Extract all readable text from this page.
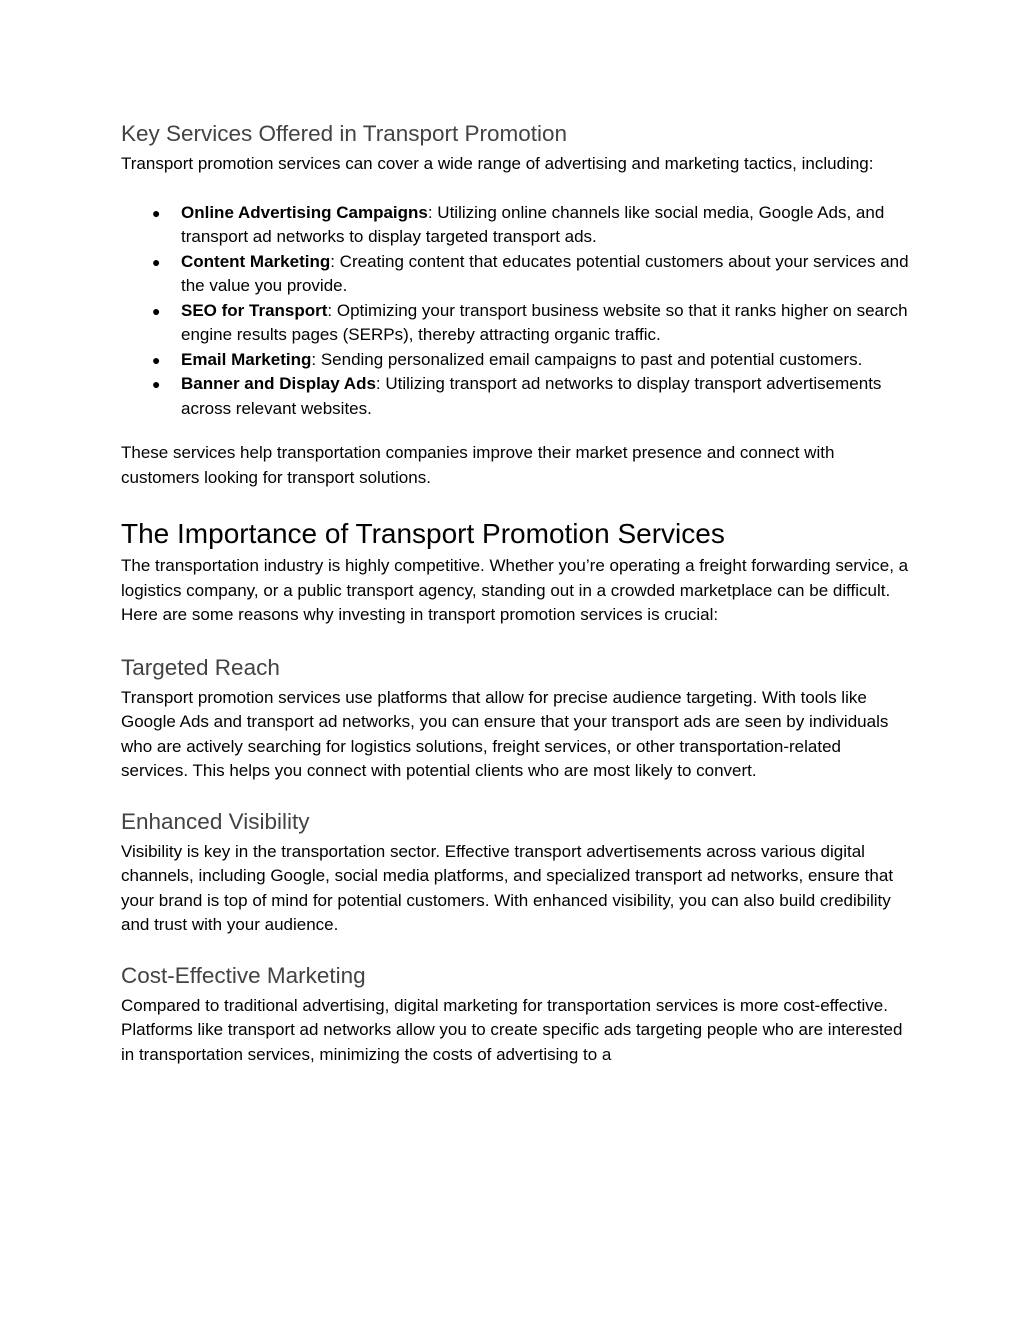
Key Services Offered in Transport Promotion

Transport promotion services can cover a wide range of advertising and marketing tactics, including:

● Online Advertising Campaigns: Utilizing online channels like social media, Google Ads, and transport ad networks to display targeted transport ads.
● Content Marketing: Creating content that educates potential customers about your services and the value you provide.
● SEO for Transport: Optimizing your transport business website so that it ranks higher on search engine results pages (SERPs), thereby attracting organic traffic.
● Email Marketing: Sending personalized email campaigns to past and potential customers.
● Banner and Display Ads: Utilizing transport ad networks to display transport advertisements across relevant websites.

These services help transportation companies improve their market presence and connect with customers looking for transport solutions.

The Importance of Transport Promotion Services

The transportation industry is highly competitive. Whether you’re operating a freight forwarding service, a logistics company, or a public transport agency, standing out in a crowded marketplace can be difficult.

Here are some reasons why investing in transport promotion services is crucial:

Targeted Reach

Transport promotion services use platforms that allow for precise audience targeting. With tools like Google Ads and transport ad networks, you can ensure that your transport ads are seen by individuals who are actively searching for logistics solutions, freight services, or other transportation-related services. This helps you connect with potential clients who are most likely to convert.

Enhanced Visibility

Visibility is key in the transportation sector. Effective transport advertisements across various digital channels, including Google, social media platforms, and specialized transport ad networks, ensure that your brand is top of mind for potential customers. With enhanced visibility, you can also build credibility and trust with your audience.

Cost-Effective Marketing

Compared to traditional advertising, digital marketing for transportation services is more cost-effective. Platforms like transport ad networks allow you to create specific ads targeting people who are interested in transportation services, minimizing the costs of advertising to a
